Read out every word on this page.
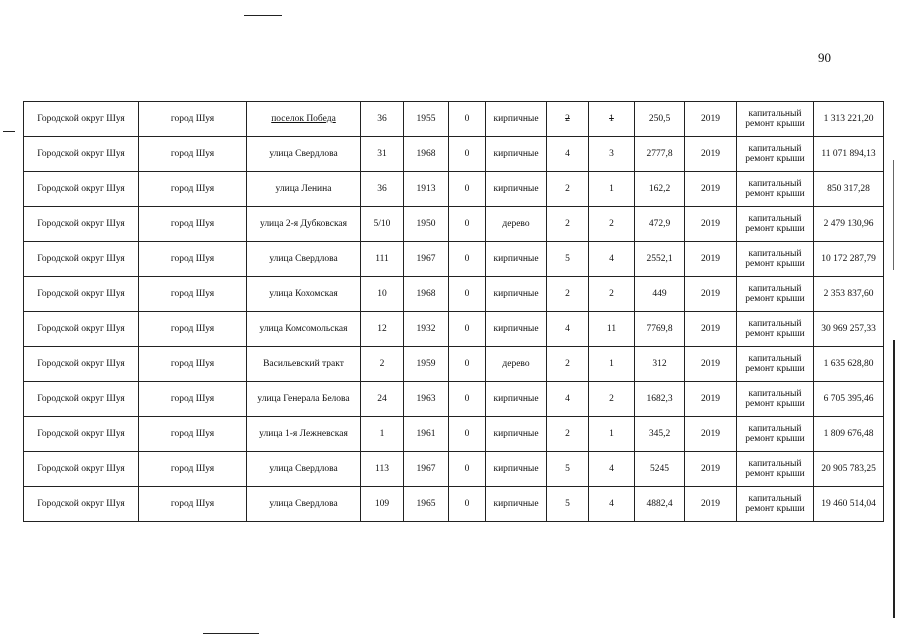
90
Городской округ Шуя	город Шуя	поселок Победа	36	1955	0	кирпичные	2	1	250,5	2019	капитальный ремонт крыши	1 313 221,20
Городской округ Шуя	город Шуя	улица Свердлова	31	1968	0	кирпичные	4	3	2777,8	2019	капитальный ремонт крыши	11 071 894,13
Городской округ Шуя	город Шуя	улица Ленина	36	1913	0	кирпичные	2	1	162,2	2019	капитальный ремонт крыши	850 317,28
Городской округ Шуя	город Шуя	улица 2-я Дубковская	5/10	1950	0	дерево	2	2	472,9	2019	капитальный ремонт крыши	2 479 130,96
Городской округ Шуя	город Шуя	улица Свердлова	111	1967	0	кирпичные	5	4	2552,1	2019	капитальный ремонт крыши	10 172 287,79
Городской округ Шуя	город Шуя	улица Кохомская	10	1968	0	кирпичные	2	2	449	2019	капитальный ремонт крыши	2 353 837,60
Городской округ Шуя	город Шуя	улица Комсомольская	12	1932	0	кирпичные	4	11	7769,8	2019	капитальный ремонт крыши	30 969 257,33
Городской округ Шуя	город Шуя	Васильевский тракт	2	1959	0	дерево	2	1	312	2019	капитальный ремонт крыши	1 635 628,80
Городской округ Шуя	город Шуя	улица Генерала Белова	24	1963	0	кирпичные	4	2	1682,3	2019	капитальный ремонт крыши	6 705 395,46
Городской округ Шуя	город Шуя	улица 1-я Лежневская	1	1961	0	кирпичные	2	1	345,2	2019	капитальный ремонт крыши	1 809 676,48
Городской округ Шуя	город Шуя	улица Свердлова	113	1967	0	кирпичные	5	4	5245	2019	капитальный ремонт крыши	20 905 783,25
Городской округ Шуя	город Шуя	улица Свердлова	109	1965	0	кирпичные	5	4	4882,4	2019	капитальный ремонт крыши	19 460 514,04
